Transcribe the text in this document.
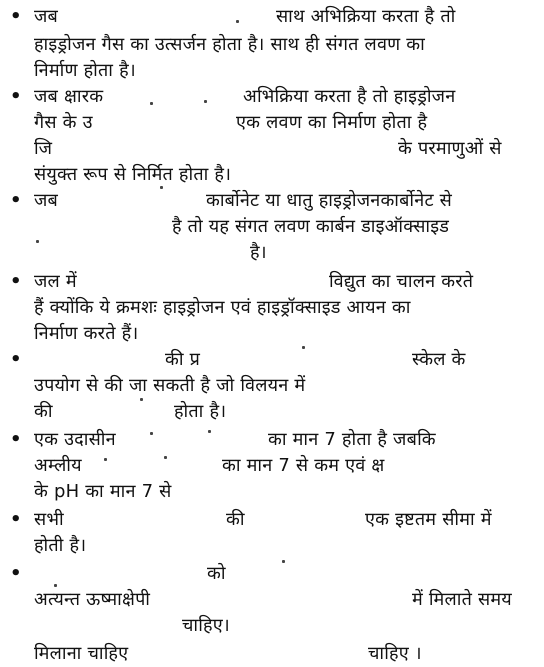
• जब	साथ अभिक्रिया करता है तो
हाइड्रोजन गैस का उत्सर्जन होता है। साथ ही संगत लवण का
निर्माण होता है।
• जब क्षारक	अभिक्रिया करता है तो हाइड्रोजन
गैस के उ	एक लवण का निर्माण होता है
जि	के परमाणुओं से
संयुक्त रूप से निर्मित होता है।
• जब	कार्बोनेट या धातु हाइड्रोजनकार्बोनेट से
है तो यह संगत लवण कार्बन डाइऑक्साइड
है।
• जल में	विद्युत का चालन करते
हैं क्योंकि ये क्रमशः हाइड्रोजन एवं हाइड्रॉक्साइड आयन का
निर्माण करते हैं।
•	की प्र	स्केल के
उपयोग से की जा सकती है जो विलयन में
की	होता है।
• एक उदासीन	का मान 7 होता है जबकि
अम्लीय	का मान 7 से कम एवं क्ष
के pH का मान 7 से
• सभी	की	एक इष्टतम सीमा में
होती है।
•	को
अत्यन्त ऊष्माक्षेपी	में मिलाते समय
चाहिए।
मिलाना चाहिए	चाहिए ।
